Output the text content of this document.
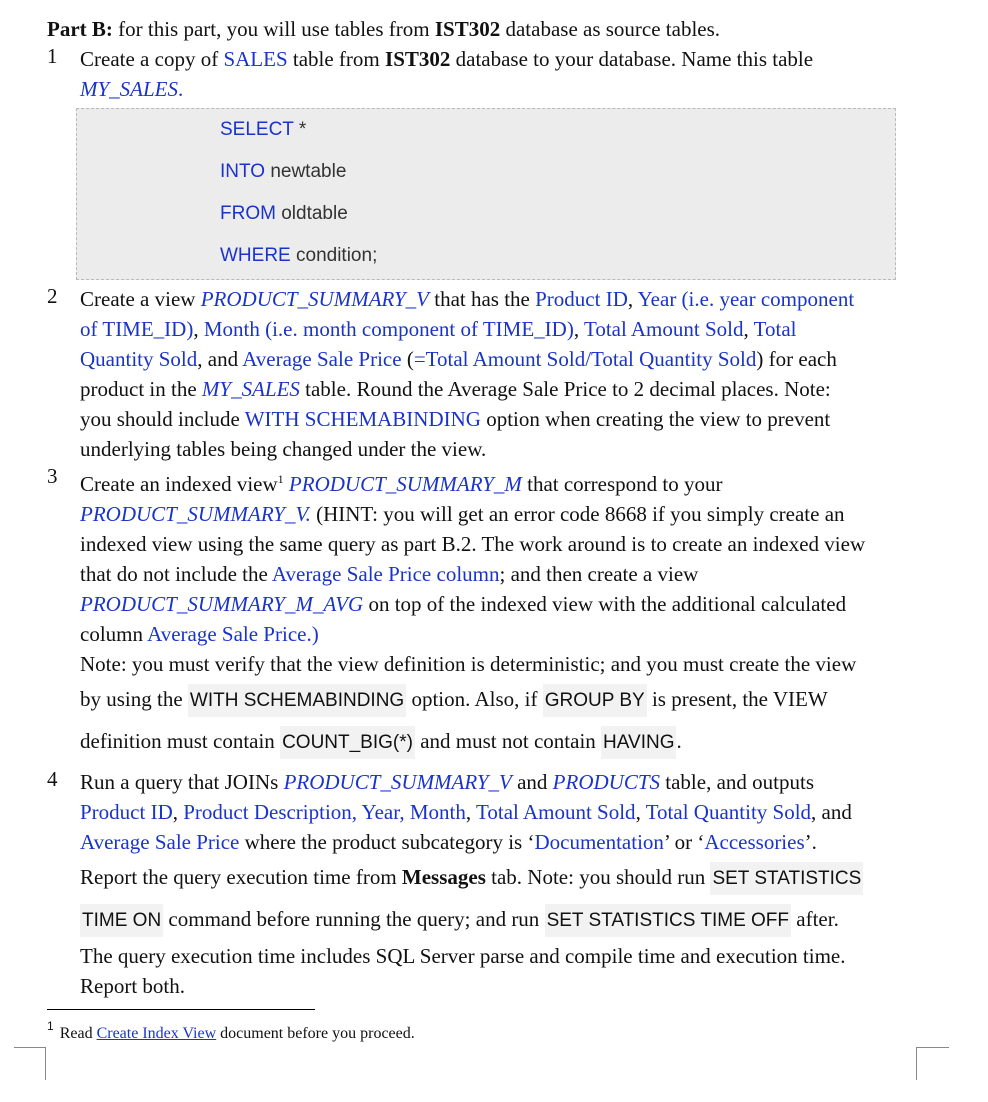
Part B: for this part, you will use tables from IST302 database as source tables.
1 Create a copy of SALES table from IST302 database to your database. Name this table
MY_SALES.
SELECT *
INTO newtable
FROM oldtable
WHERE condition;
2 Create a view PRODUCT_SUMMARY_V that has the Product ID, Year (i.e. year component
of TIME_ID), Month (i.e. month component of TIME_ID), Total Amount Sold, Total
Quantity Sold, and Average Sale Price (=Total Amount Sold/Total Quantity Sold) for each
product in the MY_SALES table. Round the Average Sale Price to 2 decimal places. Note:
you should include WITH SCHEMABINDING option when creating the view to prevent
underlying tables being changed under the view.
3 Create an indexed view$^1$ PRODUCT_SUMMARY_M that correspond to your
PRODUCT_SUMMARY_V. (HINT: you will get an error code 8668 if you simply create an
indexed view using the same query as part B.2. The work around is to create an indexed view
that do not include the Average Sale Price column; and then create a view
PRODUCT_SUMMARY_M_AVG on top of the indexed view with the additional calculated
column Average Sale Price.)
Note: you must verify that the view definition is deterministic; and you must create the view
by using the WITH SCHEMABINDING option. Also, if GROUP BY is present, the VIEW
definition must contain COUNT_BIG(*) and must not contain HAVING.
4 Run a query that JOINs PRODUCT_SUMMARY_V and PRODUCTS table, and outputs
Product ID, Product Description, Year, Month, Total Amount Sold, Total Quantity Sold, and
Average Sale Price where the product subcategory is ‘Documentation’ or ‘Accessories’.
Report the query execution time from Messages tab. Note: you should run SET STATISTICS
TIME ON command before running the query; and run SET STATISTICS TIME OFF after.
The query execution time includes SQL Server parse and compile time and execution time.
Report both.
$^1$ Read Create Index View document before you proceed.
